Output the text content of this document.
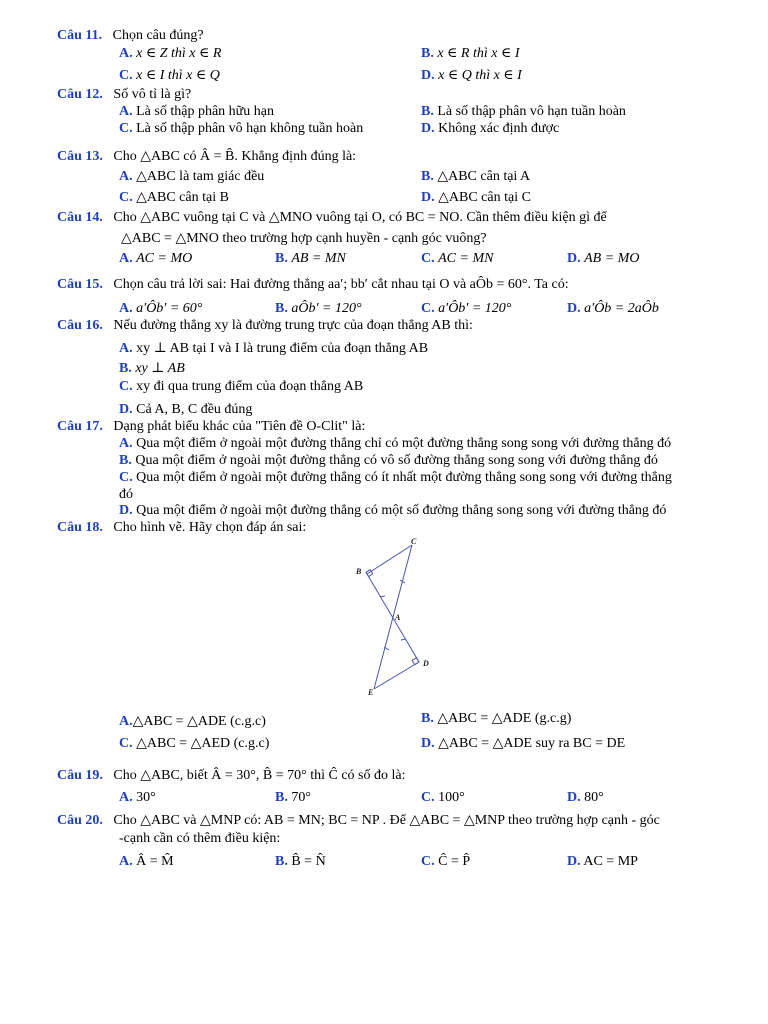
Câu 11. Chọn câu đúng?
A. x ∈ Z thì x ∈ R	B. x ∈ R thì x ∈ I
C. x ∈ I thì x ∈ Q	D. x ∈ Q thì x ∈ I
Câu 12. Số vô tỉ là gì?
A. Là số thập phân hữu hạn	B. Là số thập phân vô hạn tuần hoàn
C. Là số thập phân vô hạn không tuần hoàn	D. Không xác định được
Câu 13. Cho △ABC có Â = B̂. Khẳng định đúng là:
A. △ABC là tam giác đều	B. △ABC cân tại A
C. △ABC cân tại B	D. △ABC cân tại C
Câu 14. Cho △ABC vuông tại C và △MNO vuông tại O, có BC = NO. Cần thêm điều kiện gì để
△ABC = △MNO theo trường hợp cạnh huyền - cạnh góc vuông?
A. AC = MO	B. AB = MN	C. AC = MN	D. AB = MO
Câu 15. Chọn câu trả lời sai: Hai đường thẳng aa′; bb′ cắt nhau tại O và aÔb = 60°. Ta có:
A. a′Ôb′ = 60°	B. aÔb′ = 120°	C. a′Ôb′ = 120°	D. a′Ôb = 2aÔb
Câu 16. Nếu đường thẳng xy là đường trung trực của đoạn thẳng AB thì:
A. xy ⊥ AB tại I và I là trung điểm của đoạn thẳng AB
B. xy ⊥ AB
C. xy đi qua trung điểm của đoạn thẳng AB
D. Cả A, B, C đều đúng
Câu 17. Dạng phát biểu khác của "Tiên đề O-Clit" là:
A. Qua một điểm ở ngoài một đường thẳng chỉ có một đường thẳng song song với đường thẳng đó
B. Qua một điểm ở ngoài một đường thẳng có vô số đường thẳng song song với đường thẳng đó
C. Qua một điểm ở ngoài một đường thẳng có ít nhất một đường thẳng song song với đường thẳng
đó
D. Qua một điểm ở ngoài một đường thẳng có một số đường thẳng song song với đường thẳng đó
Câu 18. Cho hình vẽ. Hãy chọn đáp án sai:
C
B
A
D
E
A.△ABC = △ADE (c.g.c)	B. △ABC = △ADE (g.c.g)
C. △ABC = △AED (c.g.c)	D. △ABC = △ADE suy ra BC = DE
Câu 19. Cho △ABC, biết Â = 30°, B̂ = 70° thì Ĉ có số đo là:
A. 30°	B. 70°	C. 100°	D. 80°
Câu 20. Cho △ABC và △MNP có: AB = MN; BC = NP . Để △ABC = △MNP theo trường hợp cạnh - góc
-cạnh cần có thêm điều kiện:
A. Â = M̂	B. B̂ = N̂	C. Ĉ = P̂	D. AC = MP
